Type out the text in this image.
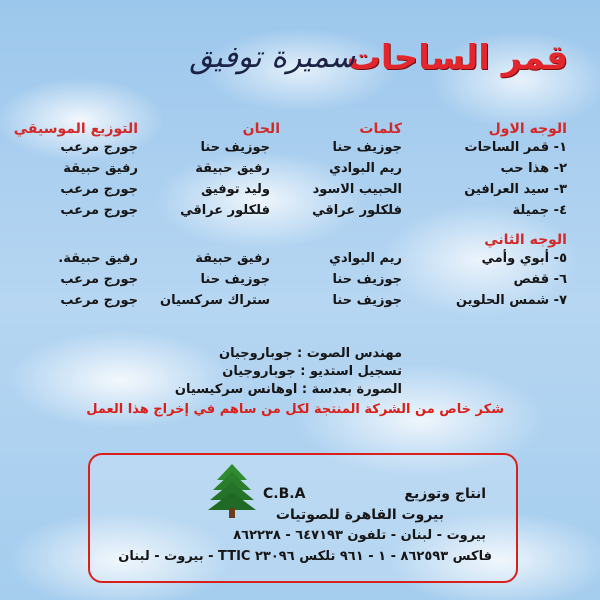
قمر الساحات
سميرة توفيق
الوجه الاول
كلمات
الحان
التوزيع الموسيقي
١- قمر الساحات
جوزيف حنا
جوزيف حنا
جورج مرعب
٢- هذا حب
ريم البوادي
رفيق حبيقة
رفيق حبيقة
٣- سيد العرافين
الحبيب الاسود
وليد توفيق
جورج مرعب
٤- جميلة
فلكلور عراقي
فلكلور عراقي
جورج مرعب
الوجه الثاني
٥- أبوي وأمي
ريم البوادي
رفيق حبيقة
رفيق حبيقة.
٦- قفص
جوزيف حنا
جوزيف حنا
جورج مرعب
٧- شمس الحلوين
جوزيف حنا
ستراك سركسيان
جورج مرعب
مهندس الصوت : جوباروجيان
تسجيل استديو : جوباروجيان
الصورة بعدسة : اوهانس سركيسيان
شكر خاص من الشركة المنتجة لكل من ساهم في إخراج هذا العمل
C.B.A	انتاج وتوزيع
بيروت القاهرة للصوتيات
بيروت - لبنان - تلفون ٦٤٧١٩٣ - ٨٦٢٢٣٨
فاكس ٨٦٢٥٩٣ - ١ - ٩٦١ تلكس ٢٣٠٩٦ TTIC - بيروت - لبنان
